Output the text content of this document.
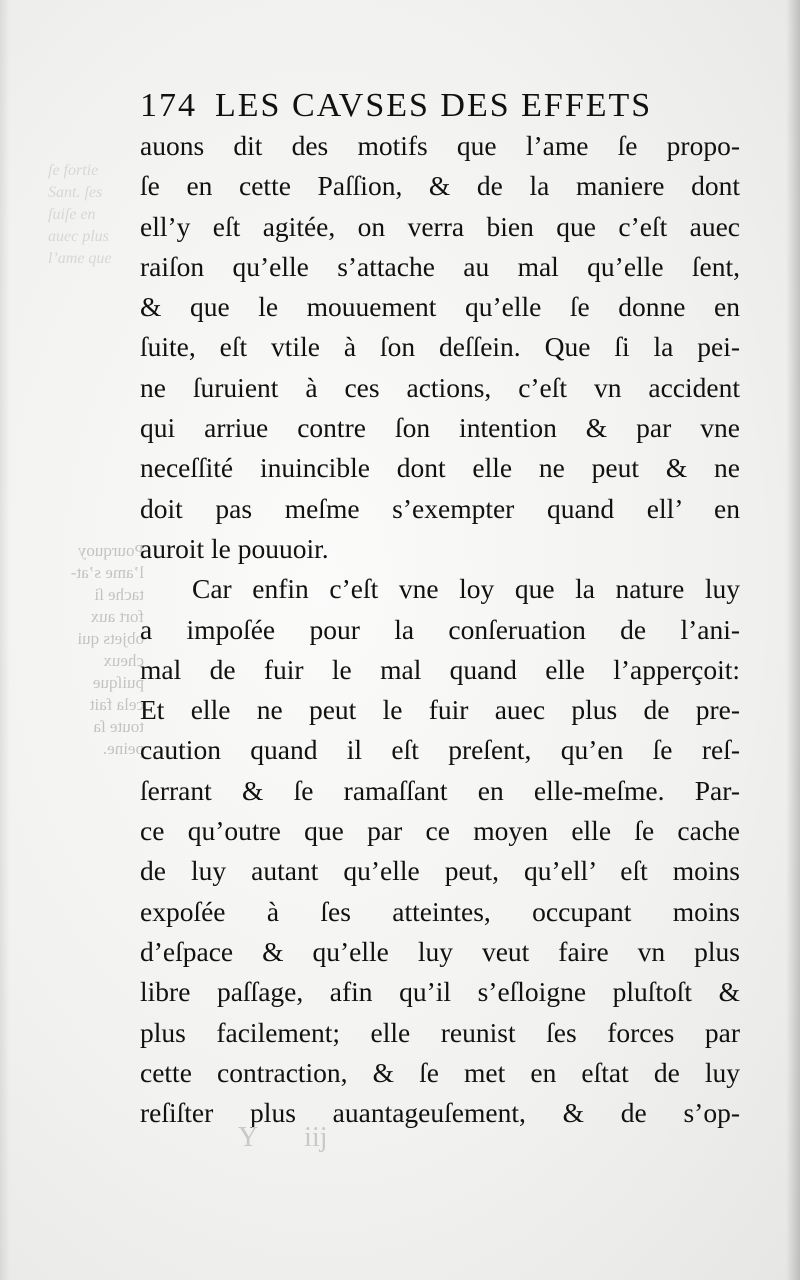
ſe fortie
Sant. ſes
ſuiſe en
auec plus
l’ame que
Pourquoy
l’ame s’at-
tache ſi
fort aux
objets qui
cheux
puiſque
cela fait
toute ſa
peine.
174 LES CAVSES DES EFFETS
auons dit des motifs que l’ame ſe propo-
ſe en cette Paſſion, & de la maniere dont
ell’y eſt agitée, on verra bien que c’eſt auec
raiſon qu’elle s’attache au mal qu’elle ſent,
& que le mouuement qu’elle ſe donne en
ſuite, eſt vtile à ſon deſſein. Que ſi la pei-
ne ſuruient à ces actions, c’eſt vn accident
qui arriue contre ſon intention & par vne
neceſſité inuincible dont elle ne peut & ne
doit pas meſme s’exempter quand ell’ en
auroit le pouuoir.
Car enfin c’eſt vne loy que la nature luy
a impoſée pour la conſeruation de l’ani-
mal de fuir le mal quand elle l’apperçoit:
Et elle ne peut le fuir auec plus de pre-
caution quand il eſt preſent, qu’en ſe reſ-
ſerrant & ſe ramaſſant en elle-meſme. Par-
ce qu’outre que par ce moyen elle ſe cache
de luy autant qu’elle peut, qu’ell’ eſt moins
expoſée à ſes atteintes, occupant moins
d’eſpace & qu’elle luy veut faire vn plus
libre paſſage, afin qu’il s’eſloigne pluſtoſt &
plus facilement; elle reunist ſes forces par
cette contraction, & ſe met en eſtat de luy
reſiſter plus auantageuſement, & de s’op-
Y iij
